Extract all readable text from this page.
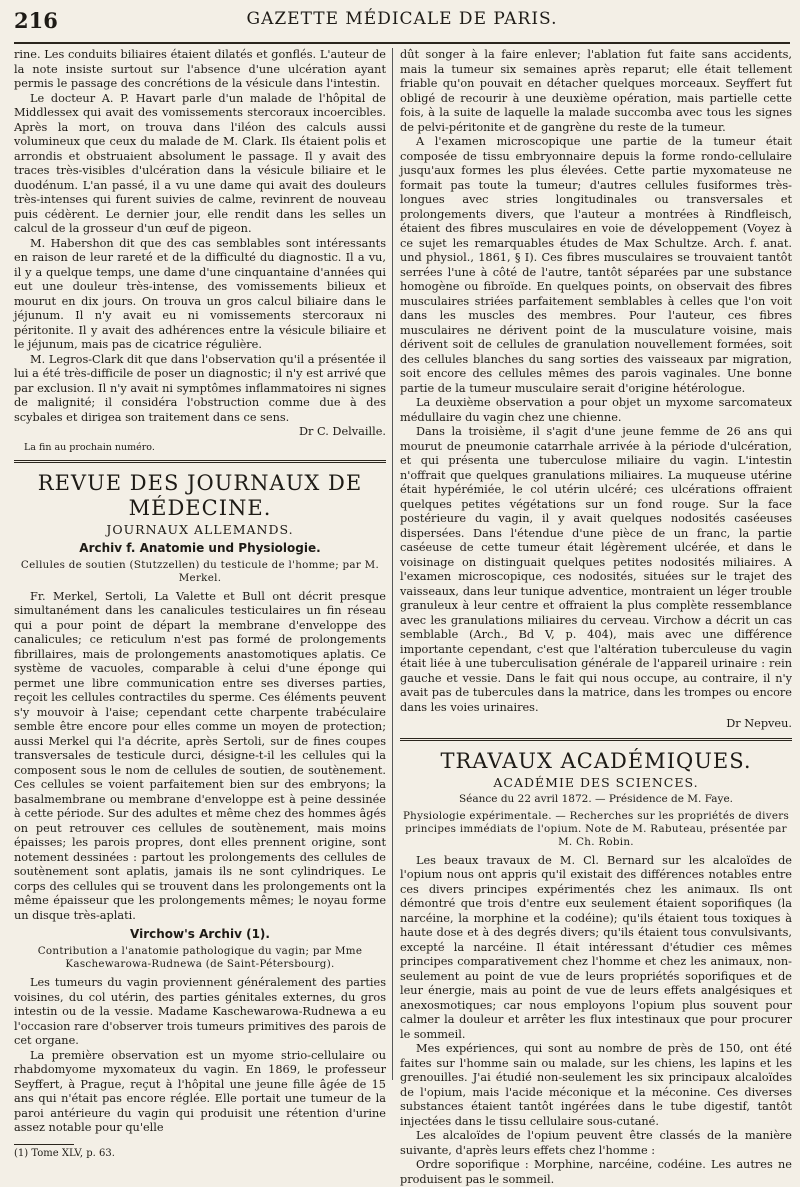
216	GAZETTE MÉDICALE DE PARIS.

rine. Les conduits biliaires étaient dilatés et gonflés. L'auteur de la note insiste surtout sur l'absence d'une ulcération ayant permis le passage des concrétions de la vésicule dans l'intestin.

Le docteur A. P. Havart parle d'un malade de l'hôpital de Middlessex qui avait des vomissements stercoraux incoercibles. Après la mort, on trouva dans l'iléon des calculs aussi volumineux que ceux du malade de M. Clark. Ils étaient polis et arrondis et obstruaient absolument le passage. Il y avait des traces très-visibles d'ulcération dans la vésicule biliaire et le duodénum. L'an passé, il a vu une dame qui avait des douleurs très-intenses qui furent suivies de calme, revinrent de nouveau puis cédèrent. Le dernier jour, elle rendit dans les selles un calcul de la grosseur d'un œuf de pigeon.

M. Habershon dit que des cas semblables sont intéressants en raison de leur rareté et de la difficulté du diagnostic. Il a vu, il y a quelque temps, une dame d'une cinquantaine d'années qui eut une douleur très-intense, des vomissements bilieux et mourut en dix jours. On trouva un gros calcul biliaire dans le jéjunum. Il n'y avait eu ni vomissements stercoraux ni péritonite. Il y avait des adhérences entre la vésicule biliaire et le jéjunum, mais pas de cicatrice régulière.

M. Legros-Clark dit que dans l'observation qu'il a présentée il lui a été très-difficile de poser un diagnostic; il n'y est arrivé que par exclusion. Il n'y avait ni symptômes inflammatoires ni signes de malignité; il considéra l'obstruction comme due à des scybales et dirigea son traitement dans ce sens.

Dr C. Delvaille.
La fin au prochain numéro.
REVUE DES JOURNAUX DE MÉDECINE.
JOURNAUX ALLEMANDS.
Archiv f. Anatomie und Physiologie.
Cellules de soutien (Stutzzellen) du testicule de l'homme; par M. Merkel.

Fr. Merkel, Sertoli, La Valette et Bull ont décrit presque simultanément dans les canalicules testiculaires un fin réseau qui a pour point de départ la membrane d'enveloppe des canalicules; ce reticulum n'est pas formé de prolongements fibrillaires, mais de prolongements anastomotiques aplatis. Ce système de vacuoles, comparable à celui d'une éponge qui permet une libre communication entre ses diverses parties, reçoit les cellules contractiles du sperme. Ces éléments peuvent s'y mouvoir à l'aise; cependant cette charpente trabéculaire semble être encore pour elles comme un moyen de protection; aussi Merkel qui l'a décrite, après Sertoli, sur de fines coupes transversales de testicule durci, désigne-t-il les cellules qui la composent sous le nom de cellules de soutien, de soutènement. Ces cellules se voient parfaitement bien sur des embryons; la basalmembrane ou membrane d'enveloppe est à peine dessinée à cette période. Sur des adultes et même chez des hommes âgés on peut retrouver ces cellules de soutènement, mais moins épaisses; les parois propres, dont elles prennent origine, sont notement dessinées : partout les prolongements des cellules de soutènement sont aplatis, jamais ils ne sont cylindriques. Le corps des cellules qui se trouvent dans les prolongements ont la même épaisseur que les prolongements mêmes; le noyau forme un disque très-aplati.

Virchow's Archiv (1).
Contribution a l'anatomie pathologique du vagin; par Mme Kaschewarowa-Rudnewa (de Saint-Pétersbourg).

Les tumeurs du vagin proviennent généralement des parties voisines, du col utérin, des parties génitales externes, du gros intestin ou de la vessie. Madame Kaschewarowa-Rudnewa a eu l'occasion rare d'observer trois tumeurs primitives des parois de cet organe.

La première observation est un myome strio-cellulaire ou rhabdomyome myxomateux du vagin. En 1869, le professeur Seyffert, à Prague, reçut à l'hôpital une jeune fille âgée de 15 ans qui n'était pas encore réglée. Elle portait une tumeur de la paroi antérieure du vagin qui produisit une rétention d'urine assez notable pour qu'elle

(1) Tome XLV, p. 63.

dût songer à la faire enlever; l'ablation fut faite sans accidents, mais la tumeur six semaines après reparut; elle était tellement friable qu'on pouvait en détacher quelques morceaux. Seyffert fut obligé de recourir à une deuxième opération, mais partielle cette fois, à la suite de laquelle la malade succomba avec tous les signes de pelvi-péritonite et de gangrène du reste de la tumeur.

A l'examen microscopique une partie de la tumeur était composée de tissu embryonnaire depuis la forme rondo-cellulaire jusqu'aux formes les plus élevées. Cette partie myxomateuse ne formait pas toute la tumeur; d'autres cellules fusiformes très-longues avec stries longitudinales ou transversales et prolongements divers, que l'auteur a montrées à Rindfleisch, étaient des fibres musculaires en voie de développement (Voyez à ce sujet les remarquables études de Max Schultze. Arch. f. anat. und physiol., 1861, § I). Ces fibres musculaires se trouvaient tantôt serrées l'une à côté de l'autre, tantôt séparées par une substance homogène ou fibroïde. En quelques points, on observait des fibres musculaires striées parfaitement semblables à celles que l'on voit dans les muscles des membres. Pour l'auteur, ces fibres musculaires ne dérivent point de la musculature voisine, mais dérivent soit de cellules de granulation nouvellement formées, soit des cellules blanches du sang sorties des vaisseaux par migration, soit encore des cellules mêmes des parois vaginales. Une bonne partie de la tumeur musculaire serait d'origine hétérologue.

La deuxième observation a pour objet un myxome sarcomateux médullaire du vagin chez une chienne.

Dans la troisième, il s'agit d'une jeune femme de 26 ans qui mourut de pneumonie catarrhale arrivée à la période d'ulcération, et qui présenta une tuberculose miliaire du vagin. L'intestin n'offrait que quelques granulations miliaires. La muqueuse utérine était hypérémiée, le col utérin ulcéré; ces ulcérations offraient quelques petites végétations sur un fond rouge. Sur la face postérieure du vagin, il y avait quelques nodosités caséeuses dispersées. Dans l'étendue d'une pièce de un franc, la partie caséeuse de cette tumeur était légèrement ulcérée, et dans le voisinage on distinguait quelques petites nodosités miliaires. A l'examen microscopique, ces nodosités, situées sur le trajet des vaisseaux, dans leur tunique adventice, montraient un léger trouble granuleux à leur centre et offraient la plus complète ressemblance avec les granulations miliaires du cerveau. Virchow a décrit un cas semblable (Arch., Bd V, p. 404), mais avec une différence importante cependant, c'est que l'altération tuberculeuse du vagin était liée à une tuberculisation générale de l'appareil urinaire : rein gauche et vessie. Dans le fait qui nous occupe, au contraire, il n'y avait pas de tubercules dans la matrice, dans les trompes ou encore dans les voies urinaires.

Dr Nepveu.
TRAVAUX ACADÉMIQUES.
ACADÉMIE DES SCIENCES.
Séance du 22 avril 1872. — Présidence de M. Faye.
Physiologie expérimentale. — Recherches sur les propriétés de divers principes immédiats de l'opium. Note de M. Rabuteau, présentée par M. Ch. Robin.

Les beaux travaux de M. Cl. Bernard sur les alcaloïdes de l'opium nous ont appris qu'il existait des différences notables entre ces divers principes expérimentés chez les animaux. Ils ont démontré que trois d'entre eux seulement étaient soporifiques (la narcéine, la morphine et la codéine); qu'ils étaient tous toxiques à haute dose et à des degrés divers; qu'ils étaient tous convulsivants, excepté la narcéine. Il était intéressant d'étudier ces mêmes principes comparativement chez l'homme et chez les animaux, non-seulement au point de vue de leurs propriétés soporifiques et de leur énergie, mais au point de vue de leurs effets analgésiques et anexosmotiques; car nous employons l'opium plus souvent pour calmer la douleur et arrêter les flux intestinaux que pour procurer le sommeil.

Mes expériences, qui sont au nombre de près de 150, ont été faites sur l'homme sain ou malade, sur les chiens, les lapins et les grenouilles. J'ai étudié non-seulement les six principaux alcaloïdes de l'opium, mais l'acide méconique et la méconine. Ces diverses substances étaient tantôt ingérées dans le tube digestif, tantôt injectées dans le tissu cellulaire sous-cutané.

Les alcaloïdes de l'opium peuvent être classés de la manière suivante, d'après leurs effets chez l'homme :

Ordre soporifique : Morphine, narcéine, codéine. Les autres ne produisent pas le sommeil.
